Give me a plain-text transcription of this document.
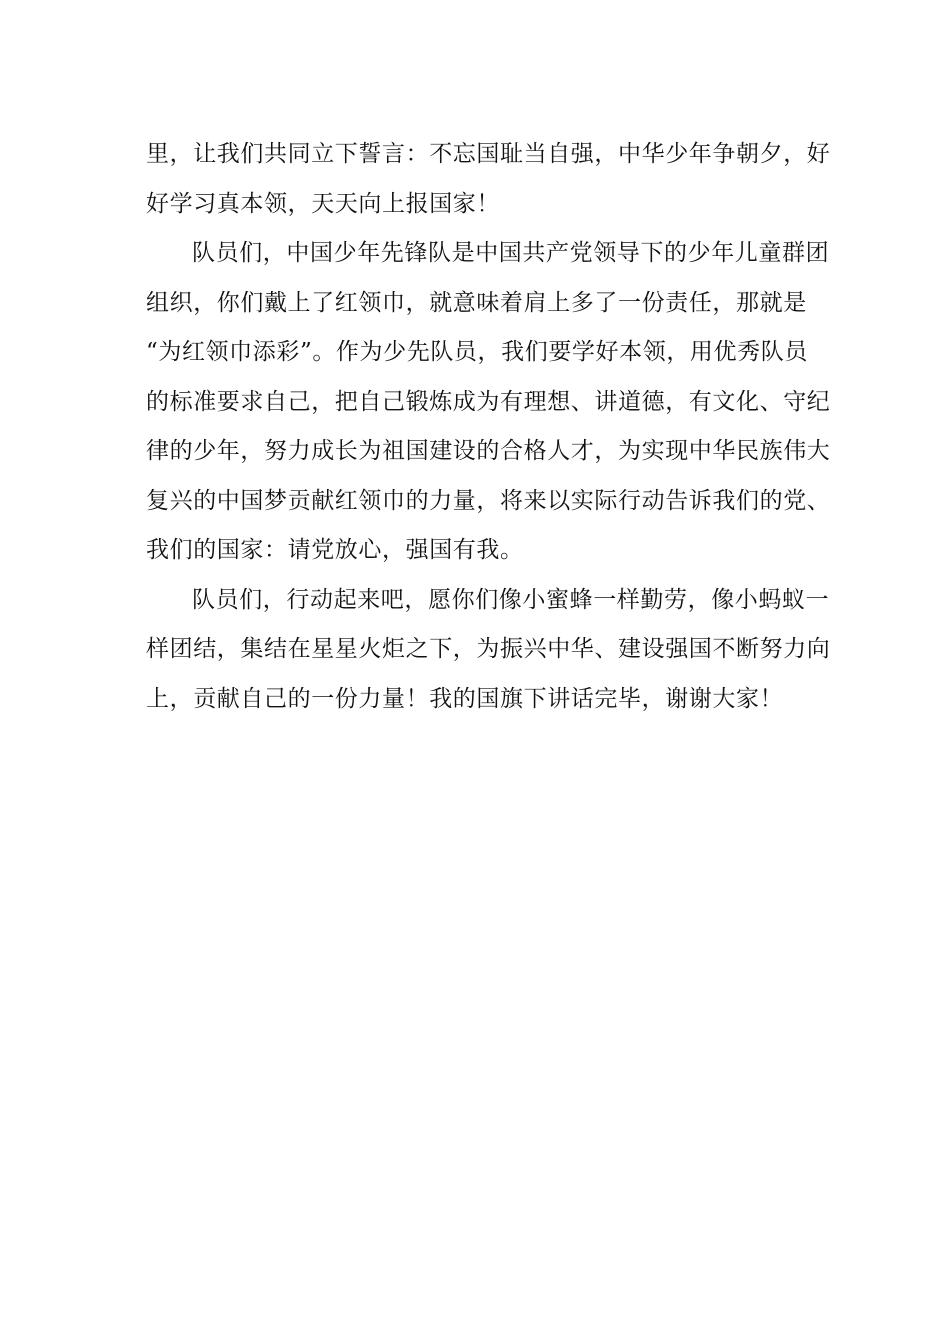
里，让我们共同立下誓言：不忘国耻当自强，中华少年争朝夕，好
好学习真本领，天天向上报国家！
队员们，中国少年先锋队是中国共产党领导下的少年儿童群团
组织，你们戴上了红领巾，就意味着肩上多了一份责任，那就是
“为红领巾添彩”。作为少先队员，我们要学好本领，用优秀队员
的标准要求自己，把自己锻炼成为有理想、讲道德，有文化、守纪
律的少年，努力成长为祖国建设的合格人才，为实现中华民族伟大
复兴的中国梦贡献红领巾的力量，将来以实际行动告诉我们的党、
我们的国家：请党放心，强国有我。
队员们，行动起来吧，愿你们像小蜜蜂一样勤劳，像小蚂蚁一
样团结，集结在星星火炬之下，为振兴中华、建设强国不断努力向
上，贡献自己的一份力量！我的国旗下讲话完毕，谢谢大家！
